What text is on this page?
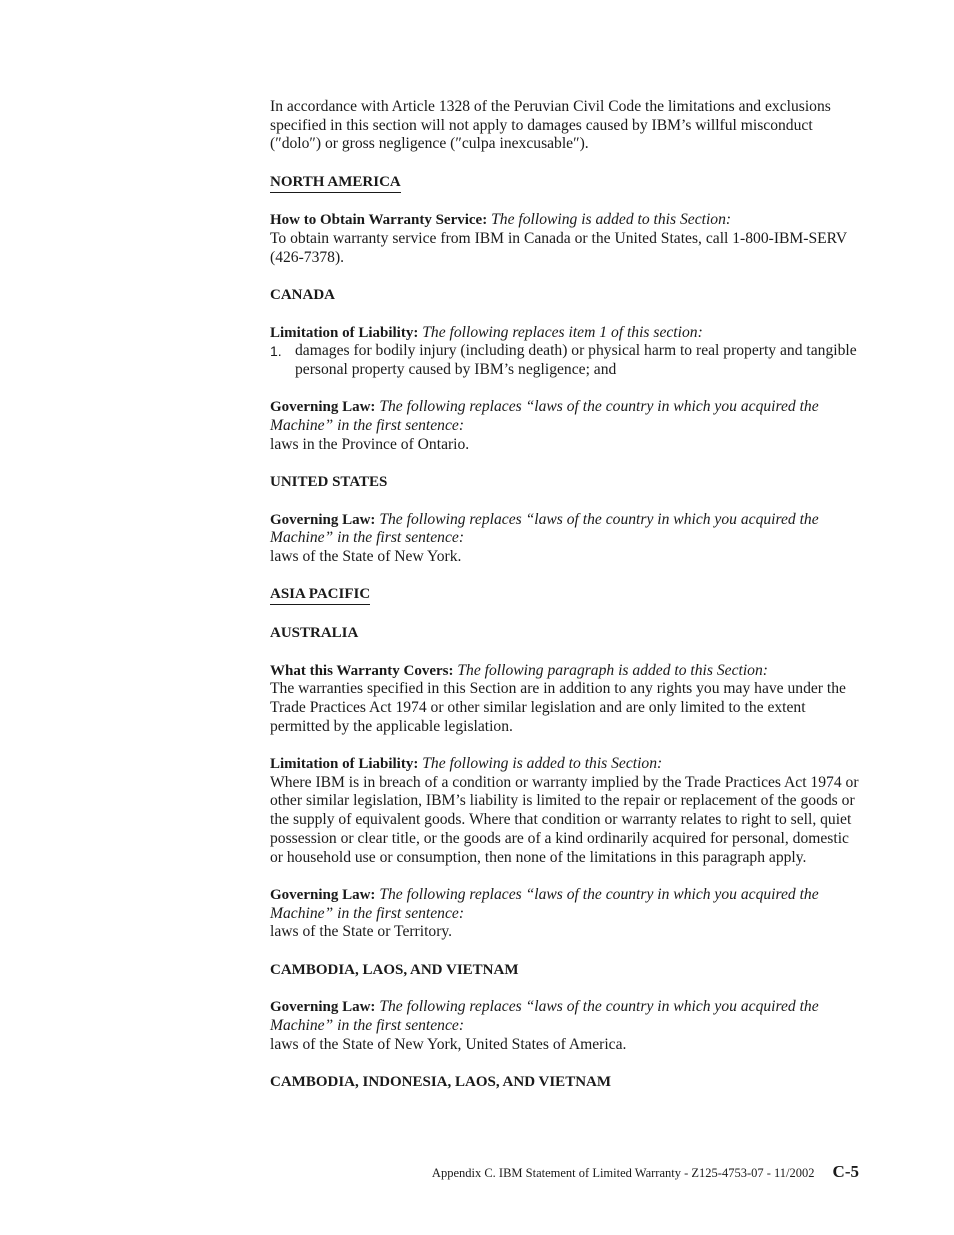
In accordance with Article 1328 of the Peruvian Civil Code the limitations and exclusions specified in this section will not apply to damages caused by IBM’s willful misconduct (″dolo″) or gross negligence (″culpa inexcusable″).

NORTH AMERICA

How to Obtain Warranty Service: The following is added to this Section:

To obtain warranty service from IBM in Canada or the United States, call 1-800-IBM-SERV (426-7378).

CANADA

Limitation of Liability: The following replaces item 1 of this section:

1. damages for bodily injury (including death) or physical harm to real property and tangible personal property caused by IBM’s negligence; and

Governing Law: The following replaces “laws of the country in which you acquired the Machine” in the first sentence:

laws in the Province of Ontario.

UNITED STATES

Governing Law: The following replaces “laws of the country in which you acquired the Machine” in the first sentence:

laws of the State of New York.

ASIA PACIFIC
AUSTRALIA

What this Warranty Covers: The following paragraph is added to this Section:

The warranties specified in this Section are in addition to any rights you may have under the Trade Practices Act 1974 or other similar legislation and are only limited to the extent permitted by the applicable legislation.

Limitation of Liability: The following is added to this Section:

Where IBM is in breach of a condition or warranty implied by the Trade Practices Act 1974 or other similar legislation, IBM’s liability is limited to the repair or replacement of the goods or the supply of equivalent goods. Where that condition or warranty relates to right to sell, quiet possession or clear title, or the goods are of a kind ordinarily acquired for personal, domestic or household use or consumption, then none of the limitations in this paragraph apply.

Governing Law: The following replaces “laws of the country in which you acquired the Machine” in the first sentence:

laws of the State or Territory.

CAMBODIA, LAOS, AND VIETNAM

Governing Law: The following replaces “laws of the country in which you acquired the Machine” in the first sentence:

laws of the State of New York, United States of America.

CAMBODIA, INDONESIA, LAOS, AND VIETNAM
Appendix C. IBM Statement of Limited Warranty - Z125-4753-07 - 11/2002 C-5
